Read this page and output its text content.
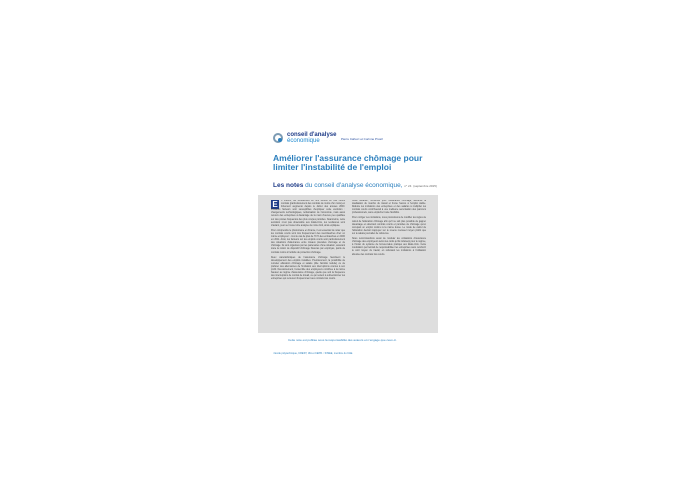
conseil d'analyse
économique	Pierre Cahuc¹ et Corinne Prost²
Améliorer l'assurance chômage pour limiter l'instabilité de l'emploi
Les notes du conseil d'analyse économique, n° 24 (septembre 2015)
E	n France, les embauches se font surtout en très courts contrats (particulièrement des contrats de moins d'un mois) en fortement augmenté depuis le début des années 2000. Plusieurs facteurs sont susceptibles d'expliquer cette évolution : changements technologiques, tertiarisation de l'économie, mais aussi recours des entreprises à davantage de la main d'œuvre peu qualifiée sur des postes fréquentés des plus courtes périodes. Néanmoins, cette évolution n'est pas observable aux États-Unis, les tendances sont d'autant, peut se trouver être analyse de notre droit, ainsi expliquée.

Pour comprendre le phénomène en France, il est essentiel de noter que les contrats courts sont très fréquemment des réembauches chez un même employeur : c'est le cas de plus de 70 % des embauches en CDD en 2011. Ainsi, les facteurs sur les emplois courts sont particulièrement des situations d'alternance entre travaux précaires chomage et de chômage. Ils sont organisés par les partenaires d'une situation, assurant toute la notion de dispositif chômage financés par employés, partis de contrats moins à l'activité de protection chômage.

Deux caractéristiques de l'assurance chômage favorisent le développement des emplois instables. Premièrement, la possibilité de cumuler allocation chômage et salaire (dite l'activité réduite) ou de préférer des alternances de l'incitation aux interruptions courtes à son profit. Deuxièmement, l'ensemble des employeurs contribue à la même hauteur au régime d'assurance chômage, quelle que soit la fréquence des interruptions de contrat de travail, ce qui revient à subventionner les entreprises qui recourent fréquemment aux contrats très courts.

Cette situation, renforcée pour l'assurance chômage, alimente la dualisation du marché du travail et freine l'accès à l'emploi stable. Réduire les incitations des entreprises et des salariés à multiplier les contrats courts contribuerait à une meilleure sécurisation des parcours professionnels, sans empêcher toute flexibilité.

Pour corriger ces incitations, nous préconisons de modifier les règles de calcul de l'allocation chômage afin qu'il ne soit plus possible de gagner davantage en alternant contrats courts et périodes de chômage qu'en occupant un emploi continu à la même durée. Le mode de calcul de l'allocation devrait s'appuyer sur le revenu mensuel moyen plutôt que sur le salaire journalier de référence.

Nous recommandons aussi de moduler les cotisations d'assurance chômage des employeurs selon les coûts qu'ils induisent pour le régime, à l'instar du système de bonus-malus pratiqué aux États-Unis. Cette modulation permettrait de responsabiliser les entreprises sans renchérir le coût moyen du travail, en réduisant les incitations à l'utilisation abusive des contrats très courts.

Cette note est publiée sous la responsabilité des auteurs et n'engage que ceux-ci.
¹ Ecole polytechnique, CREST, IZA et CEPR. ² INSEE, membre du CAE.
